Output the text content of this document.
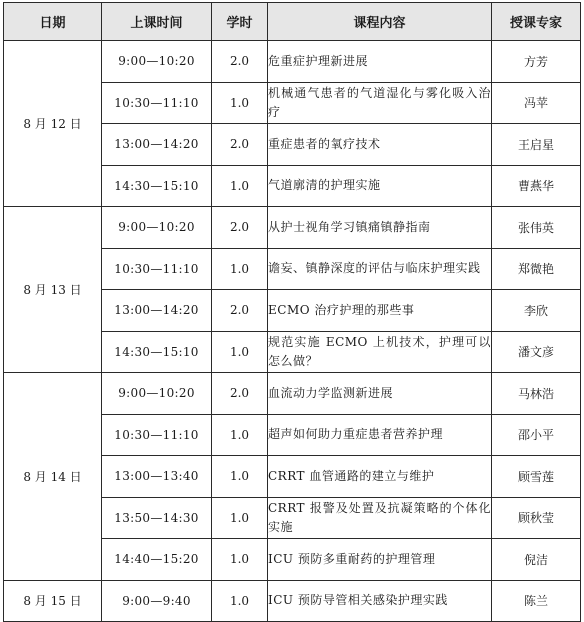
日期	上课时间	学时	课程内容	授课专家
8 月 12 日	9:00—10:20	2.0	危重症护理新进展	方芳
	10:30—11:10	1.0	机械通气患者的气道湿化与雾化吸入治疗	冯苹
	13:00—14:20	2.0	重症患者的氧疗技术	王启星
	14:30—15:10	1.0	气道廓清的护理实施	曹燕华
8 月 13 日	9:00—10:20	2.0	从护士视角学习镇痛镇静指南	张伟英
	10:30—11:10	1.0	谵妄、镇静深度的评估与临床护理实践	郑微艳
	13:00—14:20	2.0	ECMO 治疗护理的那些事	李欣
	14:30—15:10	1.0	规范实施 ECMO 上机技术，护理可以怎么做？	潘文彦
8 月 14 日	9:00—10:20	2.0	血流动力学监测新进展	马林浩
	10:30—11:10	1.0	超声如何助力重症患者营养护理	邵小平
	13:00—13:40	1.0	CRRT 血管通路的建立与维护	顾雪莲
	13:50—14:30	1.0	CRRT 报警及处置及抗凝策略的个体化实施	顾秋莹
	14:40—15:20	1.0	ICU 预防多重耐药的护理管理	倪洁
8 月 15 日	9:00—9:40	1.0	ICU 预防导管相关感染护理实践	陈兰
